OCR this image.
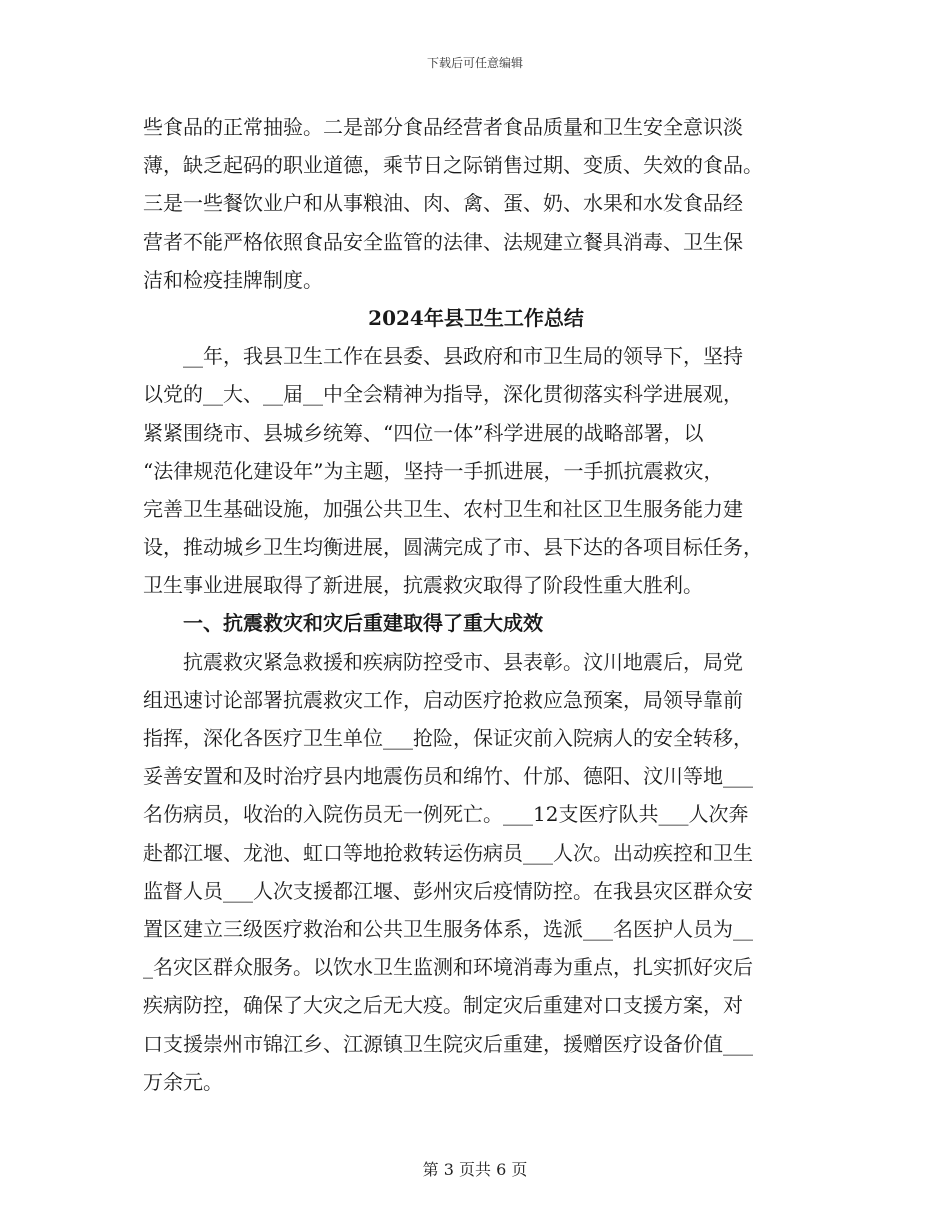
下载后可任意编辑
些食品的正常抽验。二是部分食品经营者食品质量和卫生安全意识淡
薄，缺乏起码的职业道德，乘节日之际销售过期、变质、失效的食品。
三是一些餐饮业户和从事粮油、肉、禽、蛋、奶、水果和水发食品经
营者不能严格依照食品安全监管的法律、法规建立餐具消毒、卫生保
洁和检疫挂牌制度。
2024年县卫生工作总结
　　__年，我县卫生工作在县委、县政府和市卫生局的领导下，坚持
以党的__大、__届__中全会精神为指导，深化贯彻落实科学进展观，
紧紧围绕市、县城乡统筹、“四位一体”科学进展的战略部署，以
“法律规范化建设年”为主题，坚持一手抓进展，一手抓抗震救灾，
完善卫生基础设施，加强公共卫生、农村卫生和社区卫生服务能力建
设，推动城乡卫生均衡进展，圆满完成了市、县下达的各项目标任务，
卫生事业进展取得了新进展，抗震救灾取得了阶段性重大胜利。
　　一、抗震救灾和灾后重建取得了重大成效
　　抗震救灾紧急救援和疾病防控受市、县表彰。汶川地震后，局党
组迅速讨论部署抗震救灾工作，启动医疗抢救应急预案，局领导靠前
指挥，深化各医疗卫生单位___抢险，保证灾前入院病人的安全转移，
妥善安置和及时治疗县内地震伤员和绵竹、什邡、德阳、汶川等地___
名伤病员，收治的入院伤员无一例死亡。___12支医疗队共___人次奔
赴都江堰、龙池、虹口等地抢救转运伤病员___人次。出动疾控和卫生
监督人员___人次支援都江堰、彭州灾后疫情防控。在我县灾区群众安
置区建立三级医疗救治和公共卫生服务体系，选派___名医护人员为__
_名灾区群众服务。以饮水卫生监测和环境消毒为重点，扎实抓好灾后
疾病防控，确保了大灾之后无大疫。制定灾后重建对口支援方案，对
口支援崇州市锦江乡、江源镇卫生院灾后重建，援赠医疗设备价值___
万余元。
第 3 页共 6 页
